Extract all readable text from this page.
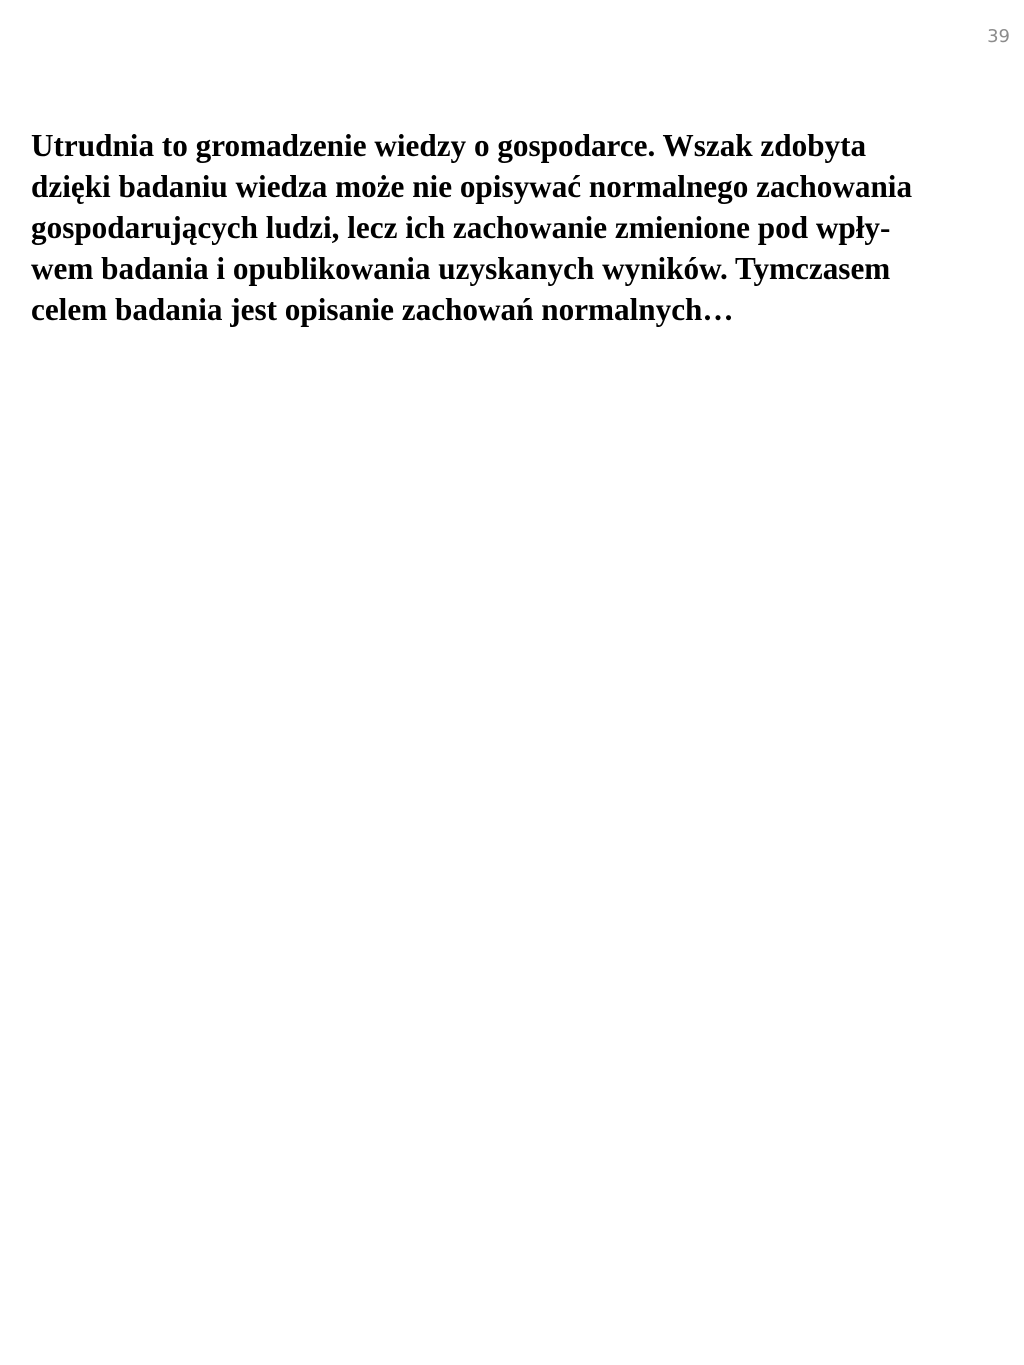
39
Utrudnia to gromadzenie wiedzy o gospodarce. Wszak zdobyta
dzięki badaniu wiedza może nie opisywać normalnego zachowania
gospodarujących ludzi, lecz ich zachowanie zmienione pod wpły-
wem badania i opublikowania uzyskanych wyników. Tymczasem
celem badania jest opisanie zachowań normalnych…
